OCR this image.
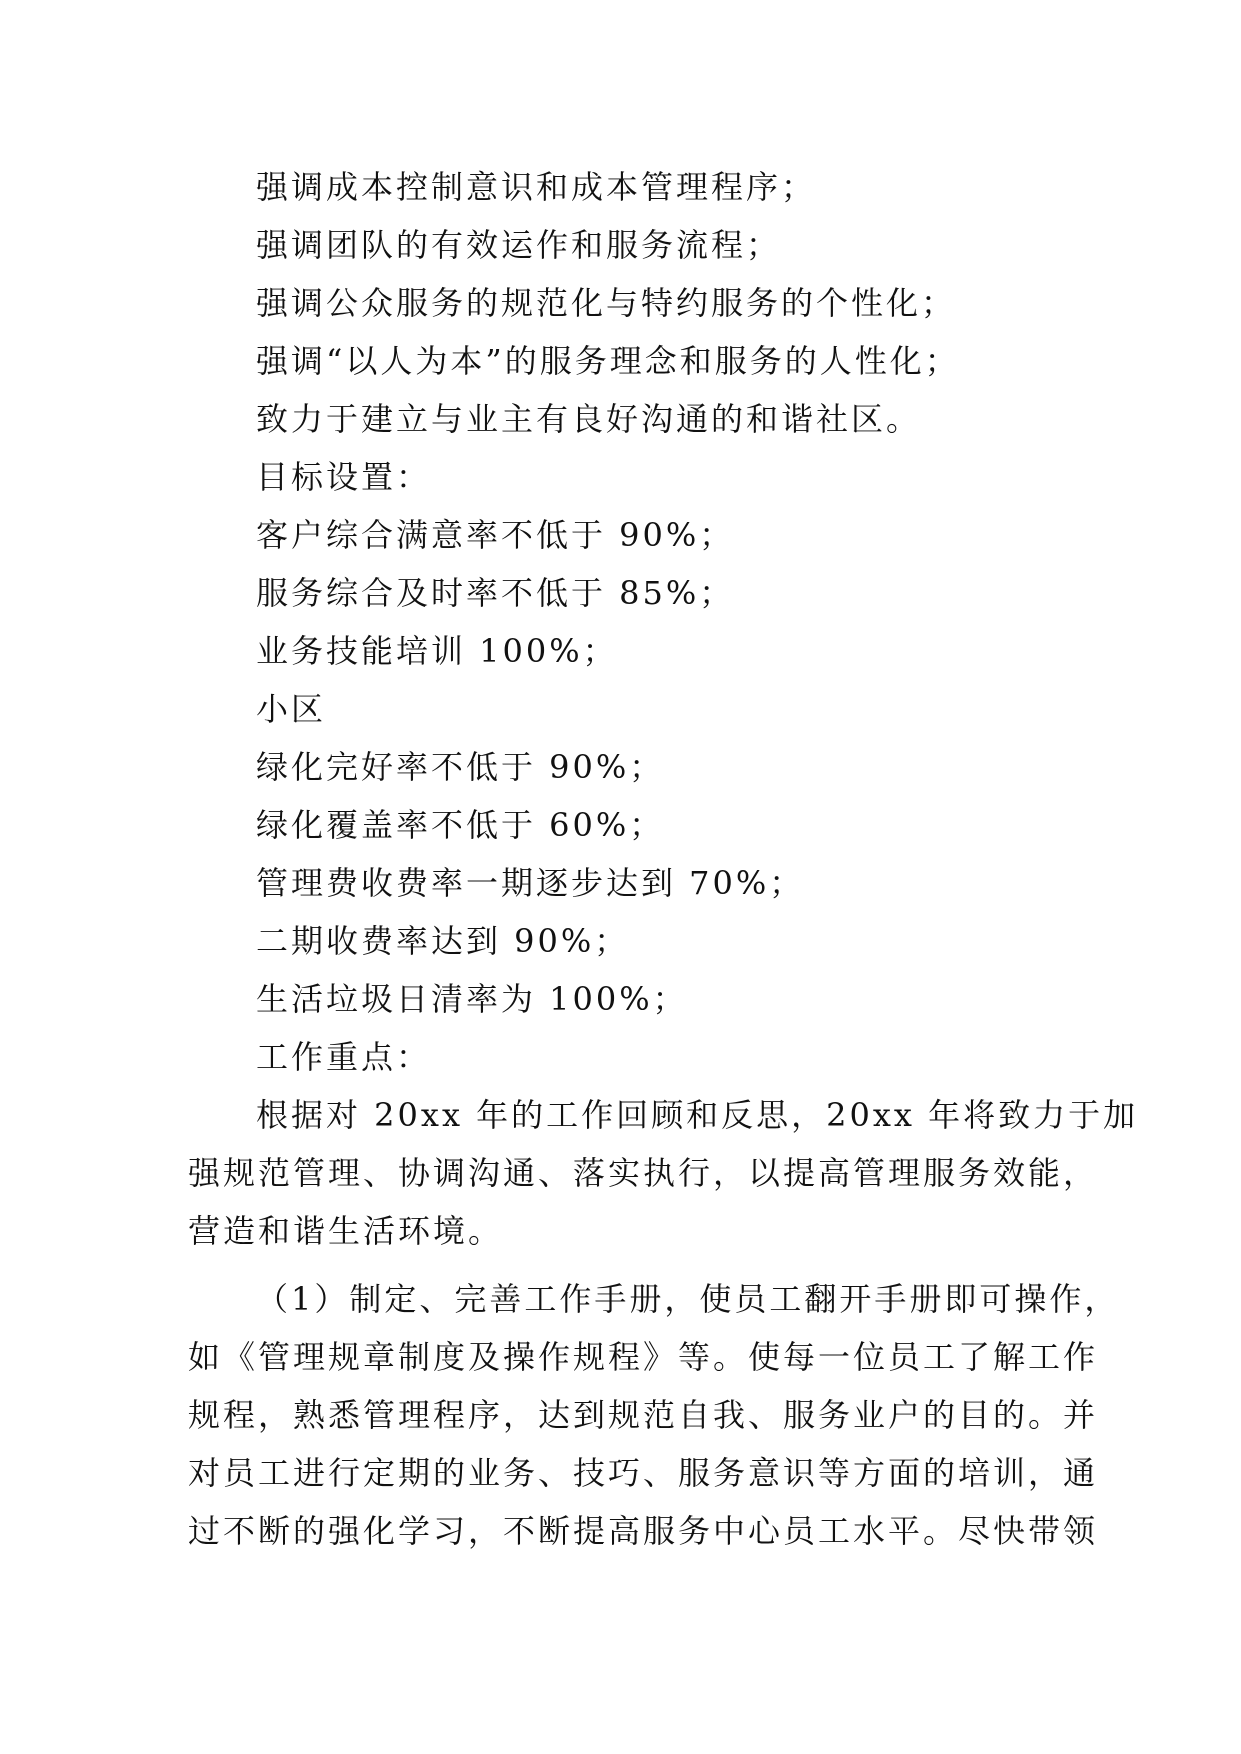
强调成本控制意识和成本管理程序；
强调团队的有效运作和服务流程；
强调公众服务的规范化与特约服务的个性化；
强调“以人为本”的服务理念和服务的人性化；
致力于建立与业主有良好沟通的和谐社区。
目标设置：
客户综合满意率不低于 90%；
服务综合及时率不低于 85%；
业务技能培训 100%；
小区
绿化完好率不低于 90%；
绿化覆盖率不低于 60%；
管理费收费率一期逐步达到 70%；
二期收费率达到 90%；
生活垃圾日清率为 100%；
工作重点：
根据对 20xx 年的工作回顾和反思，20xx 年将致力于加
强规范管理、协调沟通、落实执行，以提高管理服务效能，
营造和谐生活环境。
（1）制定、完善工作手册，使员工翻开手册即可操作，
如《管理规章制度及操作规程》等。使每一位员工了解工作
规程，熟悉管理程序，达到规范自我、服务业户的目的。并
对员工进行定期的业务、技巧、服务意识等方面的培训，通
过不断的强化学习，不断提高服务中心员工水平。尽快带领
